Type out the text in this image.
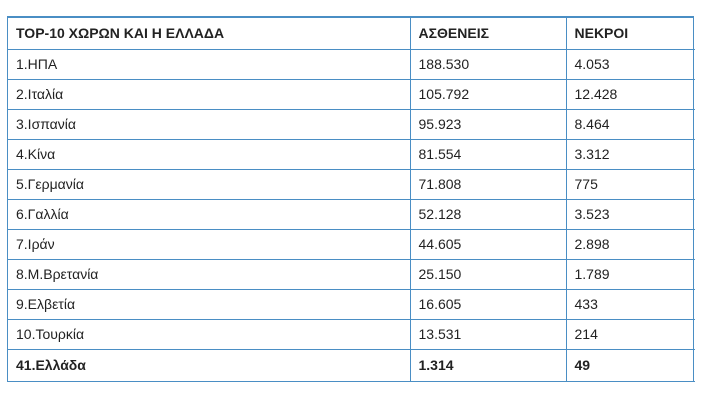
TOP-10 ΧΩΡΩΝ ΚΑΙ Η ΕΛΛΑΔΑ	ΑΣΘΕΝΕΙΣ	ΝΕΚΡΟΙ
1.ΗΠΑ	188.530	4.053
2.Ιταλία	105.792	12.428
3.Ισπανία	95.923	8.464
4.Κίνα	81.554	3.312
5.Γερμανία	71.808	775
6.Γαλλία	52.128	3.523
7.Ιράν	44.605	2.898
8.Μ.Βρετανία	25.150	1.789
9.Ελβετία	16.605	433
10.Τουρκία	13.531	214
41.Ελλάδα	1.314	49
